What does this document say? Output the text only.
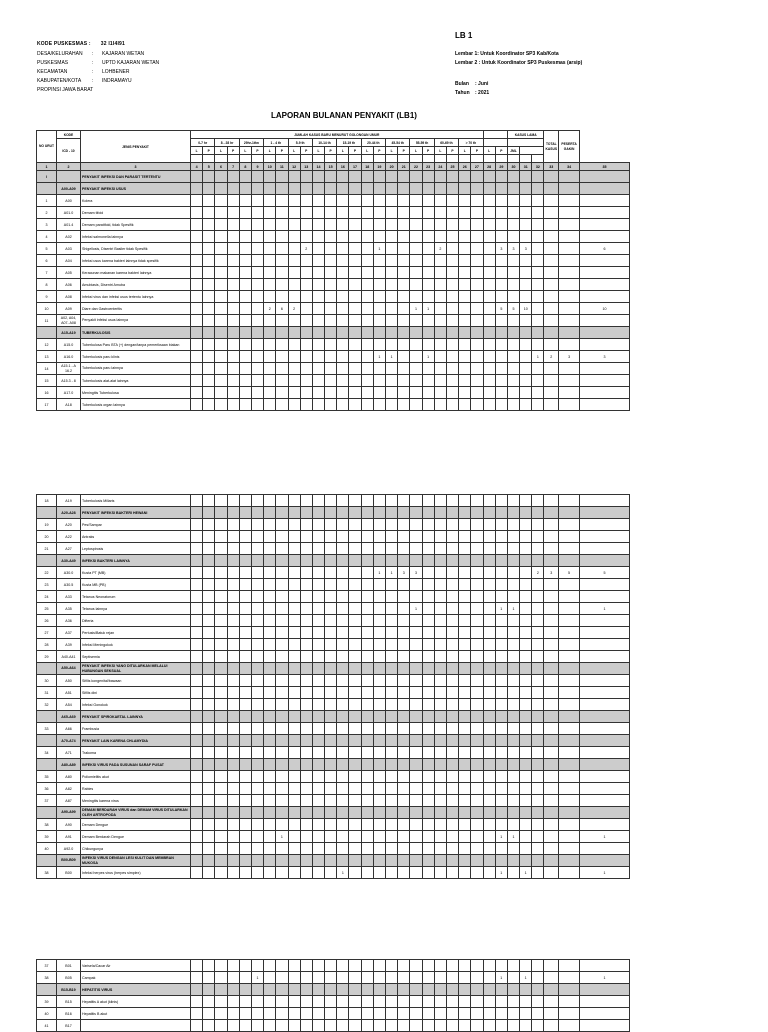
LB 1
KODE PUSKESMAS : 32 I1I4I91
DESA/KELURAHAN : KAJARAN WETAN
PUSKESMAS	: UPTD KAJARAN WETAN
KECAMATAN	: LOHBENER
KABUPATEN/KOTA : INDRAMAYU
PROPINSI JAWA BARAT
Lembar 1: Untuk Koordinator SP3 Kab/Kota
Lembar 2 : Untuk Koordinator SP3 Puskesmas (arsip)
Bulan : Juni
Tahun : 2021
LAPORAN BULANAN PENYAKIT (LB1)
NO URUT	KODE	JENIS PENYAKIT	JUMLAH KASUS BARU MENURUT GOLONGAN UMUR																										KASUS LAMA			TOTAL KASUS	PESERTA GAKIN	
	ICD - 10		0-7 hr		8 - 28 hr		29hr-1thn		1 - 4 th		5-9 th		10-14 th		15-19 th		20-44 th		45-54 th		55-59 th		60-69 th		> 70 th									
			L	P	L	P	L	P	L	P	L	P	L	P	L	P	L	P	L	P	L	P	L	P	L	P	L	P	JML					

1	2	3	4	5	6	7	8	9	10	11	12	13	14	15	16	17	18	19	20	21	22	23	24	25	26	27	28	29	30	31	32	33	34	35
I		PENYAKIT INFEKSI DAN PARASIT TERTENTU																																
	A00-A09	PENYAKIT INFEKSI USUS																																
1	A00	Kolera																																
2	A01.0	Demam tifoid																																
3	A01.4	Demam paratifoid, tidak Spesifik																																
4	A02	Infeksi salmonella lainnya																																
5	A03	Shigellosis, Disentri Basiler tidak Spesifik										2						1					2					3	3	3				6
6	A04	Infeksi usus karena bakteri lainnya tidak spesifik																																
7	A05	Keracunan makanan karena bakteri lainnya																																
8	A06	Amubiasis, Disentri Amuba																																
9	A08	Infeksi virus dan infeksi usus tertentu lainnya																																
10	A09	Diare dan Gastroenteritis							2	6	2										1	1						5	5	10				10
11	A02, A04, A07- A08	Penyakit infeksi usus lainnya																																
	A15-A19	TUBERKULOSIS																																
12	A15.0	Tuberkulosa Paru BTA (+) dengan/tanpa pemeriksaan biakan																																
13	A16.0	Tuberkulosis paru klinis																1	1			1									1	2	3	3
14	A15.1 - A 16.2	Tuberkulosis paru lainnya																																
15	A15.3 - 8	Tuberkulosis alat-alat lainnya																																
16	A17.0	Meningitis Tuberkulosa																																
17	A18	Tuberkulosis organ lainnya																																
18	A19	Tuberkulosis Miliaris																																
	A20-A28	PENYAKIT INFEKSI BAKTERI HEWANI																																
19	A20	Pes/Sampar																																
20	A22	Antraks																																
21	A27	Leptospirosis																																
	A30-A49	INFEKSI BAKTERI LAINNYA																																
22	A30.0	Kusta PT (MB)																1	1	3	3										2	3	5	5
23	A30.5	Kusta MB (PB)																																
24	A33	Tetanus Neonatorum																																
25	A35	Tetanus lainnya																			1							1	1					1
26	A36	Difteria																																
27	A37	Pertusis/Batuk rejan																																
28	A39	Infeksi Meningokok																																
29	A40-A41	Septisemia																																
	A50-A64	PENYAKIT INFEKSI YANG DITULARKAN MELALUI HUBUNGAN SEKSUAL																																
30	A50	Sifilis kongenital/bawaan																																
31	A51	Sifilis dini																																
32	A54	Infeksi Gonokok																																
	A65-A69	PENYAKIT SPIROKAETAL LAINNYA																																
33	A66	Frambusia																																
	A70-A74	PENYAKIT LAIN KARENA CHLAMYDIA																																
34	A71	Trakoma																																
	A80-A89	INFEKSI VIRUS PADA SUSUNAN SARAF PUSAT																																
35	A80	Poliomielitis akut																																
36	A82	Rabies																																
37	A87	Meningitis karena virus																																
	A90-A99	DEMAM BERDARAH VIRUS dan DEMAM VIRUS DITULARKAN OLEH ARTROPODA																																
38	A90	Demam Dengue																																
39	A91	Demam Berdarah Dengue								1																		1	1					1
40	A92.0	Chikungunya																																
	B00-B09	INFEKSI VIRUS DENGAN LESI KULIT DAN MEMBRAN MUKOSA																																
38	B00	Infeksi herpes virus (herpes simplex)													1													1		1				1
37	B01	Varisela/Cacar Air																																
38	B05	Campak						1																				1		1				1
	B15-B19	HEPATITIS VIRUS																																
39	B15	Hepatitis A akut (klinis)																																
40	B16	Hepatitis B akut																																
41	B17																																	
